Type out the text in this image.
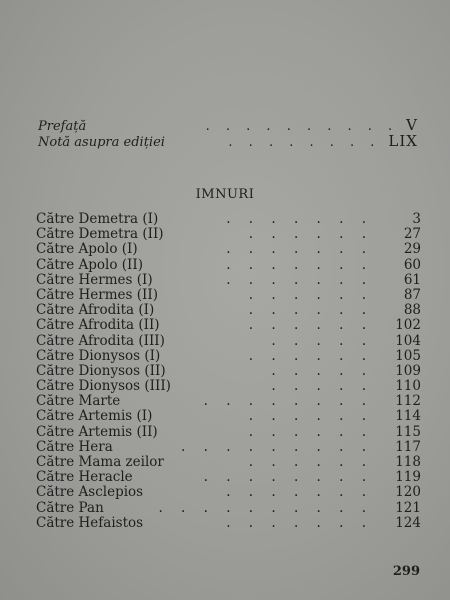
Prefață	. . . . . . . . . . V
Notă asupra ediției	. . . . . . . . LIX
IMNURI
Către Demetra (I)	. . . . . . .	3
Către Demetra (II)	. . . . . .	27
Către Apolo (I)	. . . . . . .	29
Către Apolo (II)	. . . . . . .	60
Către Hermes (I)	. . . . . . .	61
Către Hermes (II)	. . . . . .	87
Către Afrodita (I)	. . . . . .	88
Către Afrodita (II)	. . . . . .	102
Către Afrodita (III)	. . . . .	104
Către Dionysos (I)	. . . . . .	105
Către Dionysos (II)	. . . . .	109
Către Dionysos (III)	. . . . .	110
Către Marte	. . . . . . . .	112
Către Artemis (I)	. . . . . .	114
Către Artemis (II)	. . . . . .	115
Către Hera	. . . . . . . . .	117
Către Mama zeilor	. . . . . .	118
Către Heracle	. . . . . . . .	119
Către Asclepios	. . . . . . .	120
Către Pan	. . . . . . . . . .	121
Către Hefaistos	. . . . . . .	124
299
